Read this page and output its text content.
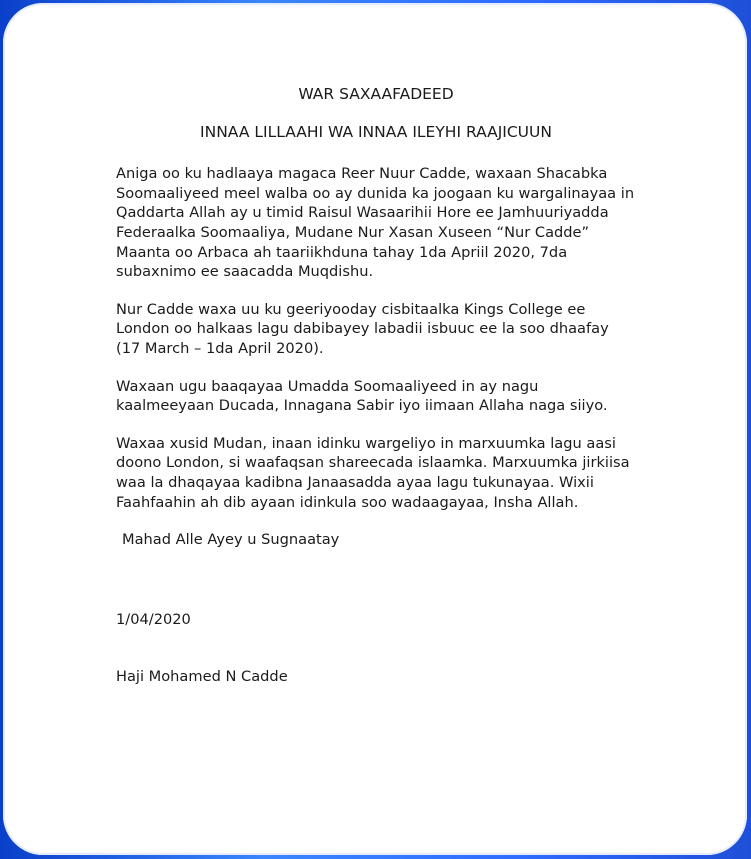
WAR SAXAAFADEED

INNAA LILLAAHI WA INNAA ILEYHI RAAJICUUN

Aniga oo ku hadlaaya magaca Reer Nuur Cadde, waxaan Shacabka Soomaaliyeed meel walba oo ay dunida ka joogaan ku wargalinayaa in Qaddarta Allah ay u timid Raisul Wasaarihii Hore ee Jamhuuriyadda Federaalka Soomaaliya, Mudane Nur Xasan Xuseen “Nur Cadde” Maanta oo Arbaca ah taariikhduna tahay 1da Apriil 2020, 7da subaxnimo ee saacadda Muqdishu.

Nur Cadde waxa uu ku geeriyooday cisbitaalka Kings College ee London oo halkaas lagu dabibayey labadii isbuuc ee la soo dhaafay (17 March – 1da April 2020).

Waxaan ugu baaqayaa Umadda Soomaaliyeed in ay nagu kaalmeeyaan Ducada, Innagana Sabir iyo iimaan Allaha naga siiyo.

Waxaa xusid Mudan, inaan idinku wargeliyo in marxuumka lagu aasi doono London, si waafaqsan shareecada islaamka. Marxuumka jirkiisa waa la dhaqayaa kadibna Janaasadda ayaa lagu tukunayaa. Wixii Faahfaahin ah dib ayaan idinkula soo wadaagayaa, Insha Allah.

Mahad Alle Ayey u Sugnaatay

1/04/2020
Haji Mohamed N Cadde
